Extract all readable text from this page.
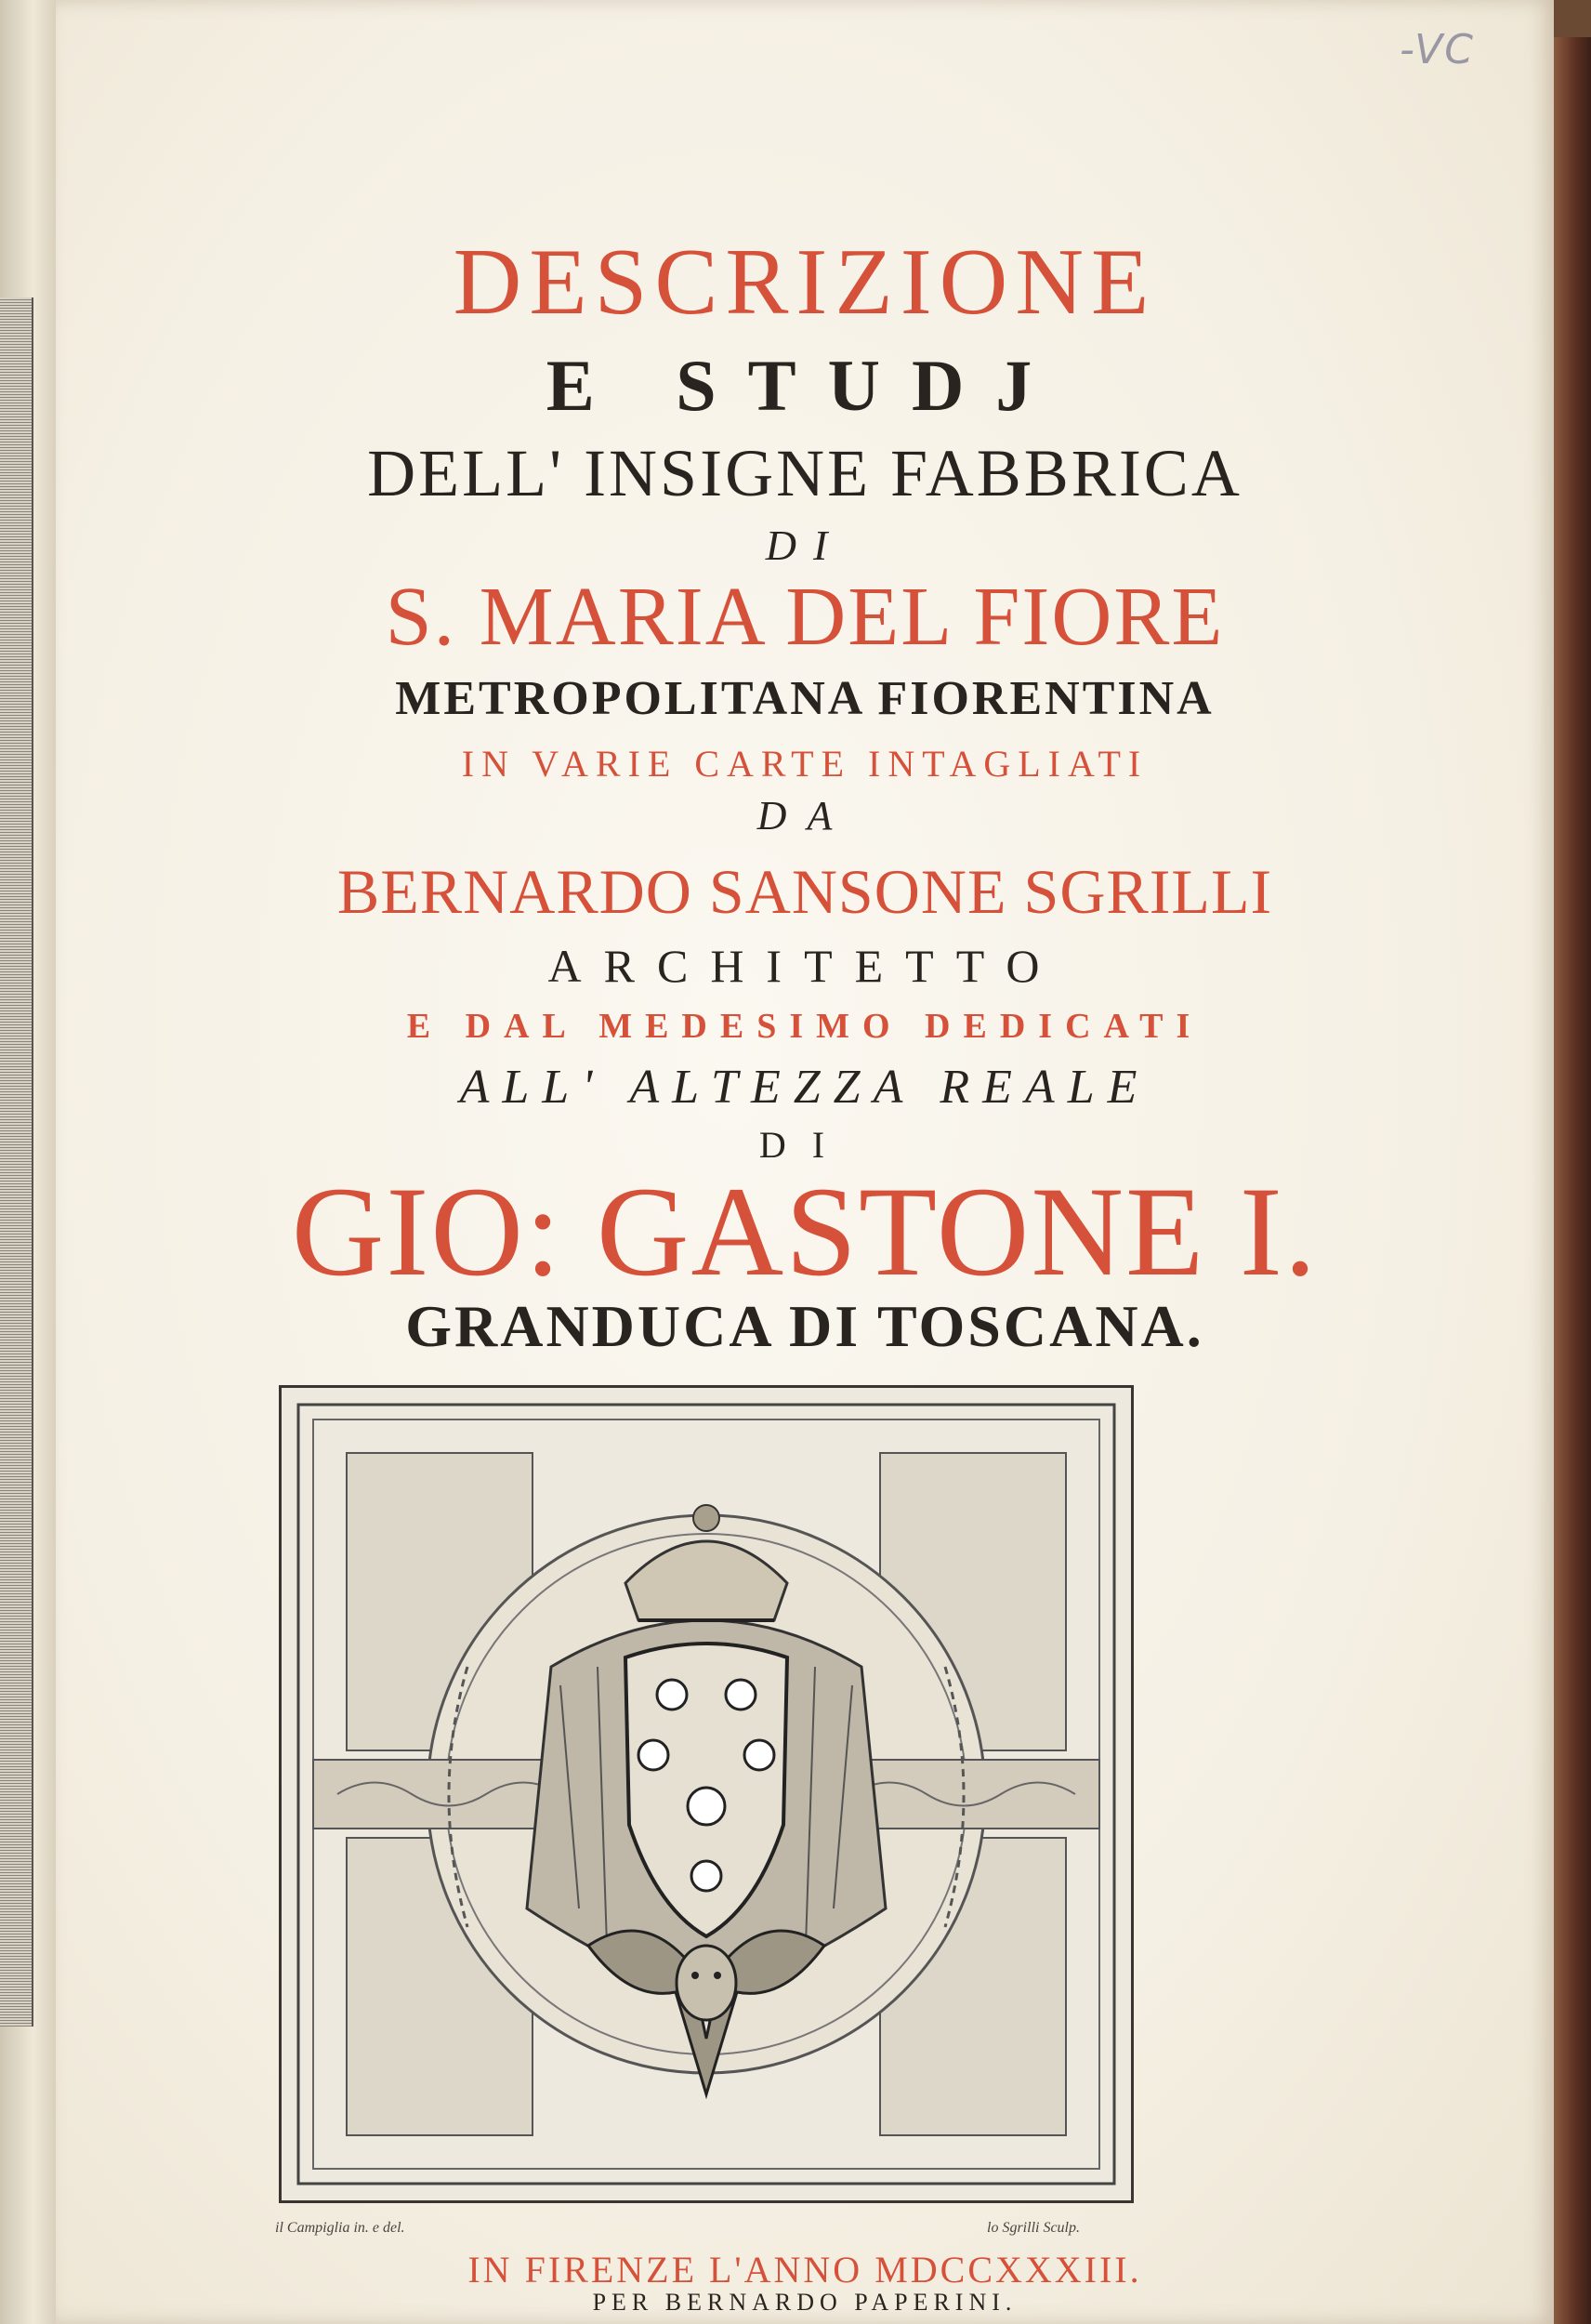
-VC
DESCRIZIONE
E STUDJ
DELL' INSIGNE FABBRICA
DI
S. MARIA DEL FIORE
METROPOLITANA FIORENTINA
IN VARIE CARTE INTAGLIATI
DA
BERNARDO SANSONE SGRILLI
ARCHITETTO
E DAL MEDESIMO DEDICATI
ALL' ALTEZZA REALE
DI
GIO: GASTONE I.
GRANDUCA DI TOSCANA.
il Campiglia in. e del.	lo Sgrilli Sculp.
IN FIRENZE L'ANNO MDCCXXXIII.
PER BERNARDO PAPERINI.
